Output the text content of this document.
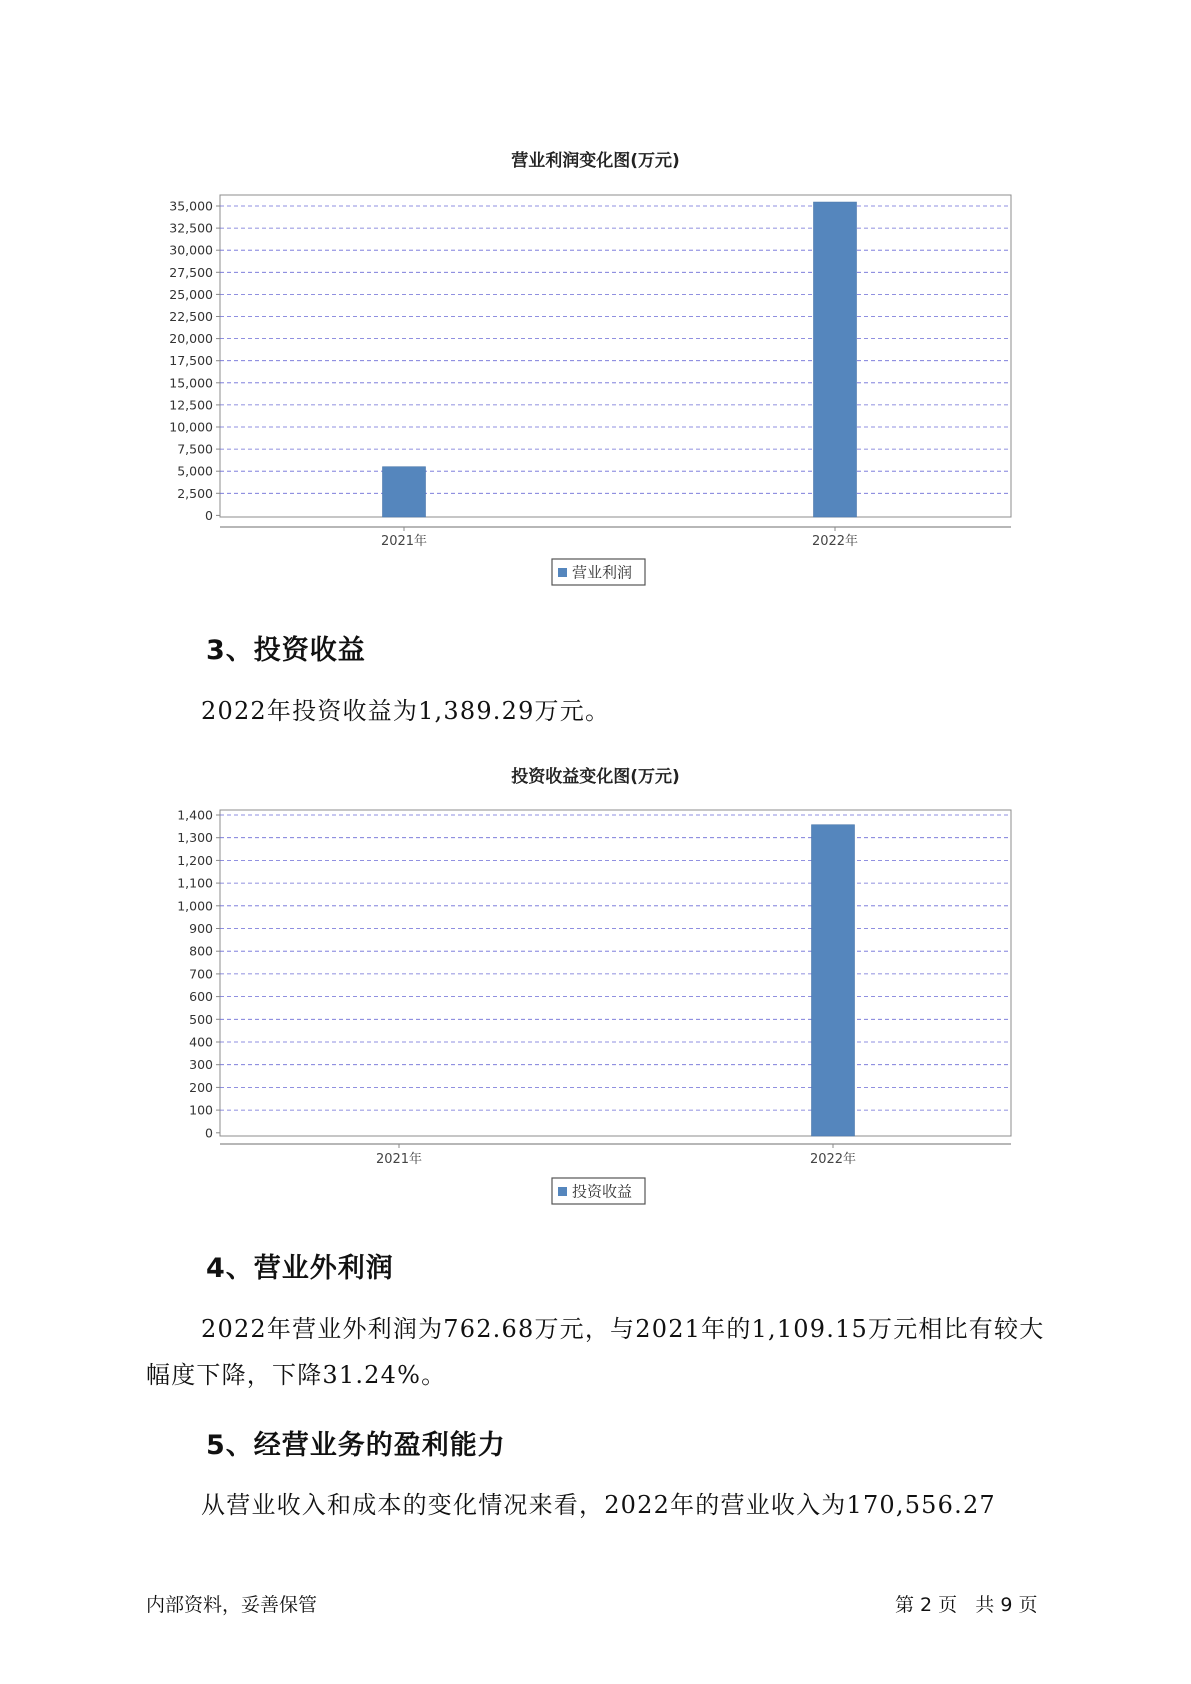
营业利润变化图(万元)
35,000
32,500
30,000
27,500
25,000
22,500
20,000
17,500
15,000
12,500
10,000
7,500
5,000
2,500
0
2021年	2022年
营业利润
3、投资收益
2022年投资收益为1,389.29万元。
投资收益变化图(万元)
1,400
1,300
1,200
1,100
1,000
900
800
700
600
500
400
300
200
100
0
2021年	2022年
投资收益
4、营业外利润
2022年营业外利润为762.68万元，与2021年的1,109.15万元相比有较大幅度下降，下降31.24%。
5、经营业务的盈利能力
从营业收入和成本的变化情况来看，2022年的营业收入为170,556.27
内部资料，妥善保管	第 2 页   共 9 页
